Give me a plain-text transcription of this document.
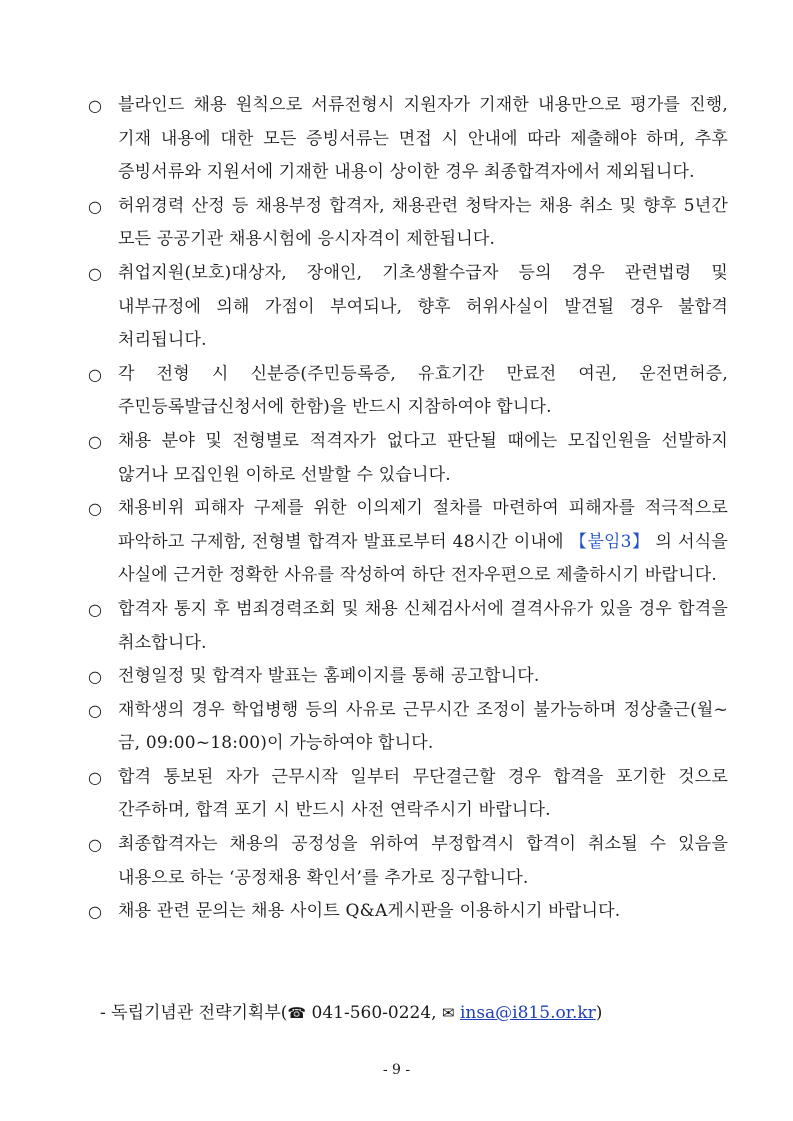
○ 블라인드 채용 원칙으로 서류전형시 지원자가 기재한 내용만으로 평가를 진행, 기재 내용에 대한 모든 증빙서류는 면접 시 안내에 따라 제출해야 하며, 추후 증빙서류와 지원서에 기재한 내용이 상이한 경우 최종합격자에서 제외됩니다.
○ 허위경력 산정 등 채용부정 합격자, 채용관련 청탁자는 채용 취소 및 향후 5년간 모든 공공기관 채용시험에 응시자격이 제한됩니다.
○ 취업지원(보호)대상자, 장애인, 기초생활수급자 등의 경우 관련법령 및 내부규정에 의해 가점이 부여되나, 향후 허위사실이 발견될 경우 불합격 처리됩니다.
○ 각 전형 시 신분증(주민등록증, 유효기간 만료전 여권, 운전면허증, 주민등록발급신청서에 한함)을 반드시 지참하여야 합니다.
○ 채용 분야 및 전형별로 적격자가 없다고 판단될 때에는 모집인원을 선발하지 않거나 모집인원 이하로 선발할 수 있습니다.
○ 채용비위 피해자 구제를 위한 이의제기 절차를 마련하여 피해자를 적극적으로 파악하고 구제함, 전형별 합격자 발표로부터 48시간 이내에 【붙임3】 의 서식을 사실에 근거한 정확한 사유를 작성하여 하단 전자우편으로 제출하시기 바랍니다.
○ 합격자 통지 후 범죄경력조회 및 채용 신체검사서에 결격사유가 있을 경우 합격을 취소합니다.
○ 전형일정 및 합격자 발표는 홈페이지를 통해 공고합니다.
○ 재학생의 경우 학업병행 등의 사유로 근무시간 조정이 불가능하며 정상출근(월~금, 09:00~18:00)이 가능하여야 합니다.
○ 합격 통보된 자가 근무시작 일부터 무단결근할 경우 합격을 포기한 것으로 간주하며, 합격 포기 시 반드시 사전 연락주시기 바랍니다.
○ 최종합격자는 채용의 공정성을 위하여 부정합격시 합격이 취소될 수 있음을 내용으로 하는 ‘공정채용 확인서’를 추가로 징구합니다.
○ 채용 관련 문의는 채용 사이트 Q&A게시판을 이용하시기 바랍니다.
- 독립기념관 전략기획부(☎ 041-560-0224, ✉ insa@i815.or.kr)
- 9 -
